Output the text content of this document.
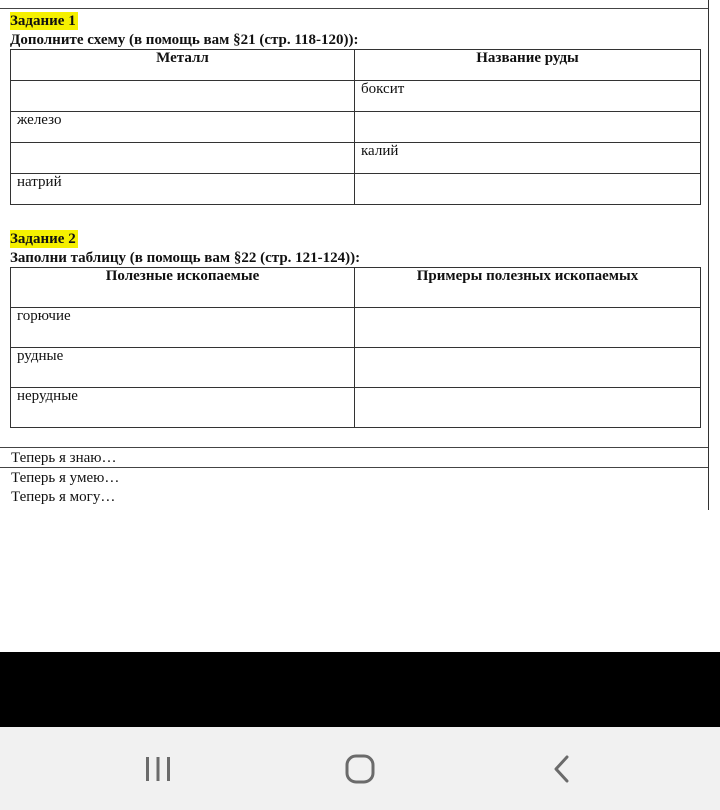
Задание 1
Дополните схему (в помощь вам §21 (стр. 118-120)):
Металл	Название руды
	боксит
железо	
	калий
натрий	
Задание 2
Заполни таблицу (в помощь вам §22 (стр. 121-124)):
Полезные ископаемые	Примеры полезных ископаемых
горючие	
рудные	
нерудные	
Теперь я знаю…
Теперь я умею…
Теперь я могу…
